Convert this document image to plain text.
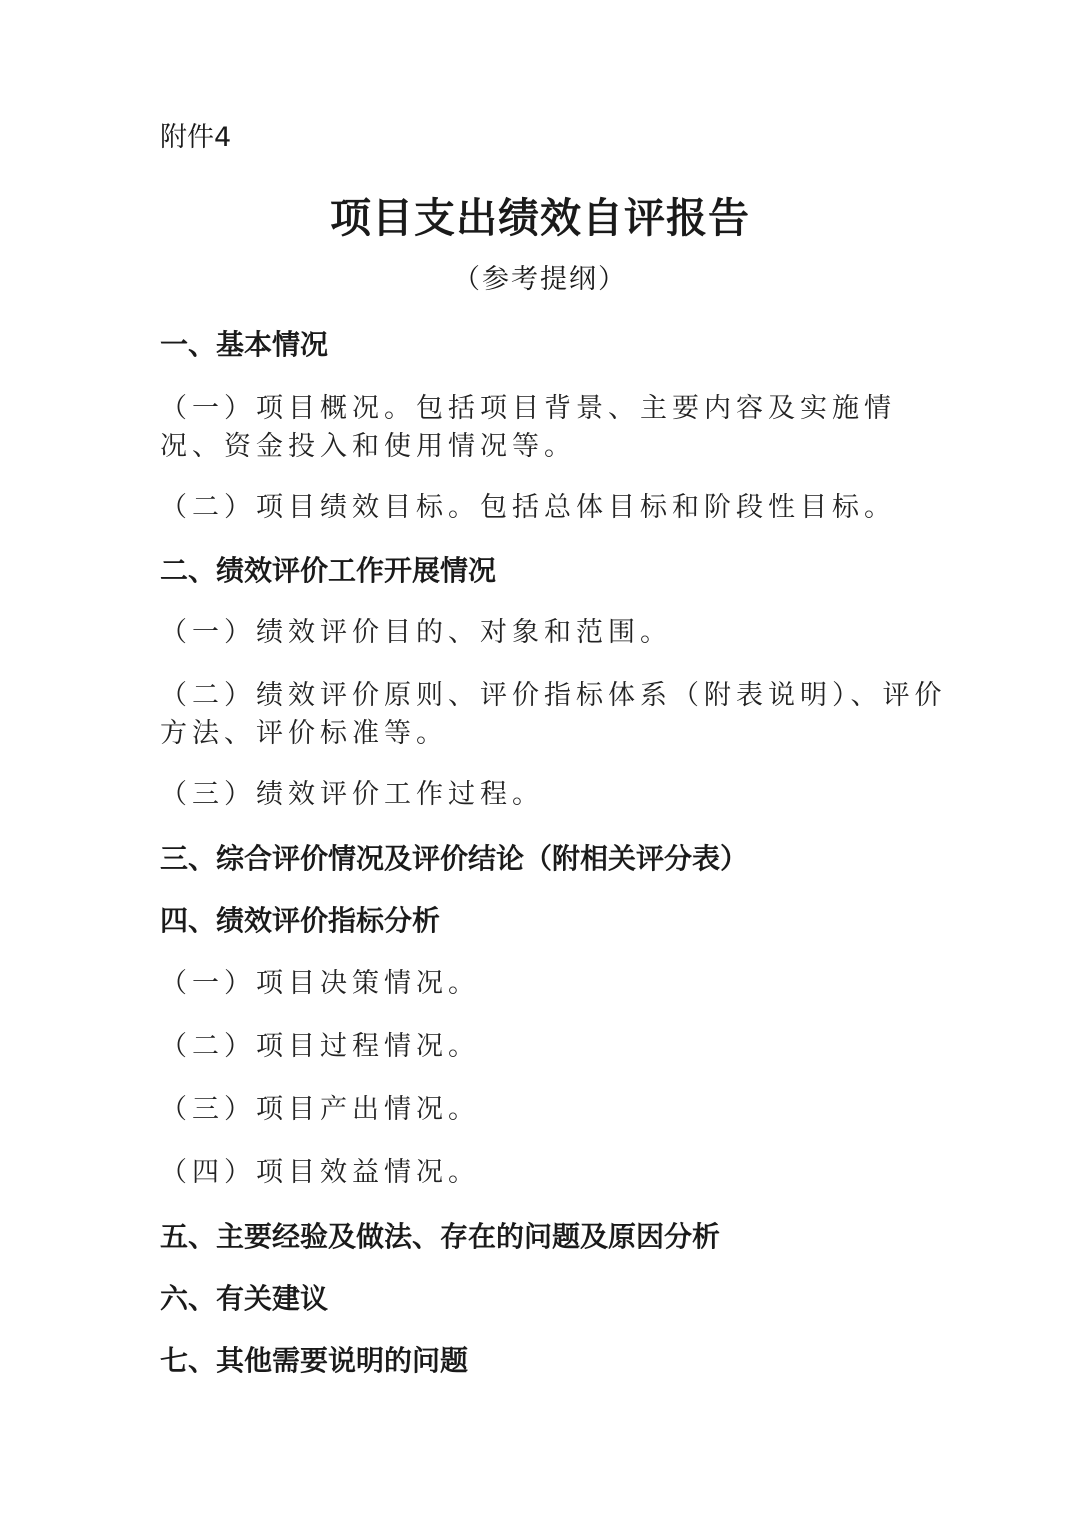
附件4
项目支出绩效自评报告
（参考提纲）
一、基本情况
（一）项目概况。包括项目背景、主要内容及实施情况、资金投入和使用情况等。
（二）项目绩效目标。包括总体目标和阶段性目标。
二、绩效评价工作开展情况
（一）绩效评价目的、对象和范围。
（二）绩效评价原则、评价指标体系（附表说明）、评价方法、评价标准等。
（三）绩效评价工作过程。
三、综合评价情况及评价结论（附相关评分表）
四、绩效评价指标分析
（一）项目决策情况。
（二）项目过程情况。
（三）项目产出情况。
（四）项目效益情况。
五、主要经验及做法、存在的问题及原因分析
六、有关建议
七、其他需要说明的问题
